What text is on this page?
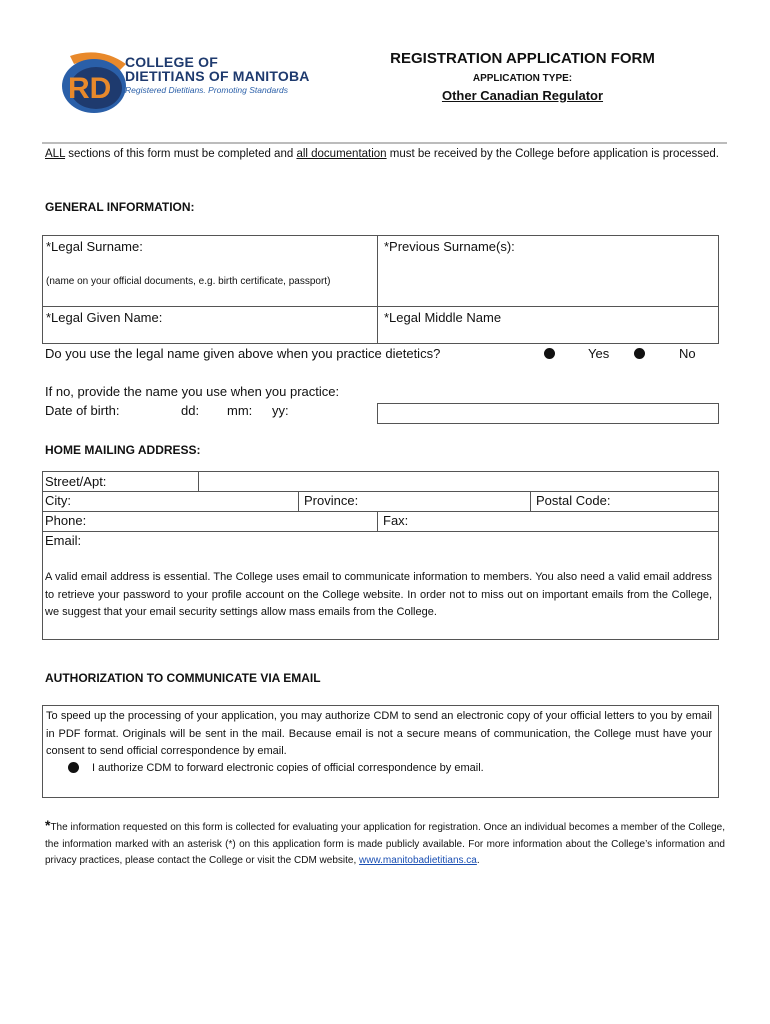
RD
COLLEGE OF
DIETITIANS OF MANITOBA
Registered Dietitians. Promoting Standards
REGISTRATION APPLICATION FORM
APPLICATION TYPE:
Other Canadian Regulator
ALL sections of this form must be completed and all documentation must be received by the College before application is processed.
GENERAL INFORMATION:
*Legal Surname:
(name on your official documents, e.g. birth certificate, passport)
*Previous Surname(s):
*Legal Given Name:	*Legal Middle Name
Do you use the legal name given above when you practice dietetics?	Yes	No
If no, provide the name you use when you practice:
Date of birth:	dd: mm: yy:
HOME MAILING ADDRESS:
Street/Apt:
City:	Province:	Postal Code:
Phone:	Fax:
Email:
A valid email address is essential. The College uses email to communicate information to members. You also need a valid email address to retrieve your password to your profile account on the College website. In order not to miss out on important emails from the College, we suggest that your email security settings allow mass emails from the College.
AUTHORIZATION TO COMMUNICATE VIA EMAIL
To speed up the processing of your application, you may authorize CDM to send an electronic copy of your official letters to you by email in PDF format. Originals will be sent in the mail. Because email is not a secure means of communication, the College must have your consent to send official correspondence by email.
I authorize CDM to forward electronic copies of official correspondence by email.
*The information requested on this form is collected for evaluating your application for registration. Once an individual becomes a member of the College, the information marked with an asterisk (*) on this application form is made publicly available. For more information about the College’s information and privacy practices, please contact the College or visit the CDM website, www.manitobadietitians.ca.
